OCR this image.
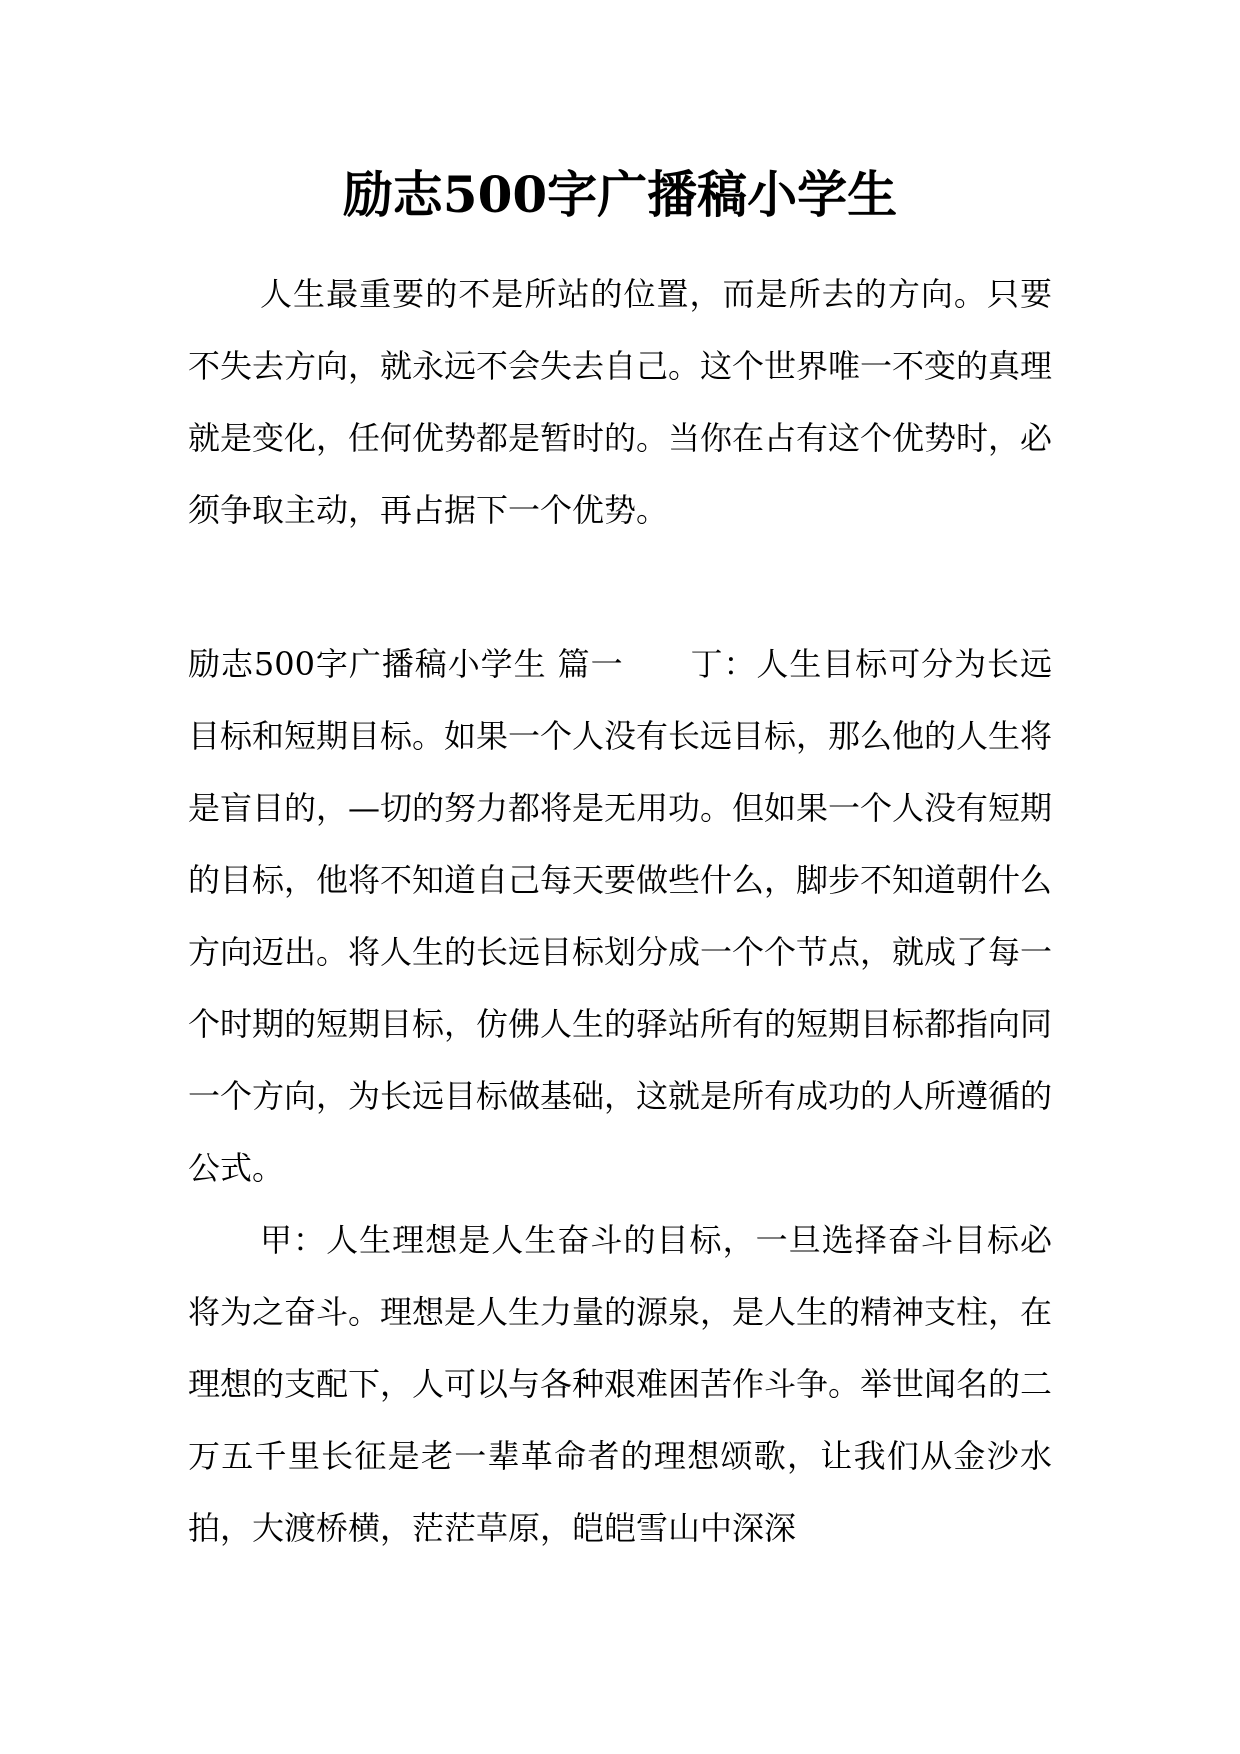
励志500字广播稿小学生

人生最重要的不是所站的位置，而是所去的方向。只要不失去方向，就永远不会失去自己。这个世界唯一不变的真理就是变化，任何优势都是暂时的。当你在占有这个优势时，必须争取主动，再占据下一个优势。

励志500字广播稿小学生 篇一 丁：人生目标可分为长远目标和短期目标。如果一个人没有长远目标，那么他的人生将是盲目的，—切的努力都将是无用功。但如果一个人没有短期的目标，他将不知道自己每天要做些什么，脚步不知道朝什么方向迈出。将人生的长远目标划分成一个个节点，就成了每一个时期的短期目标，仿佛人生的驿站所有的短期目标都指向同一个方向，为长远目标做基础，这就是所有成功的人所遵循的公式。

甲：人生理想是人生奋斗的目标，一旦选择奋斗目标必将为之奋斗。理想是人生力量的源泉，是人生的精神支柱，在理想的支配下，人可以与各种艰难困苦作斗争。举世闻名的二万五千里长征是老一辈革命者的理想颂歌，让我们从金沙水拍，大渡桥横，茫茫草原，皑皑雪山中深深
